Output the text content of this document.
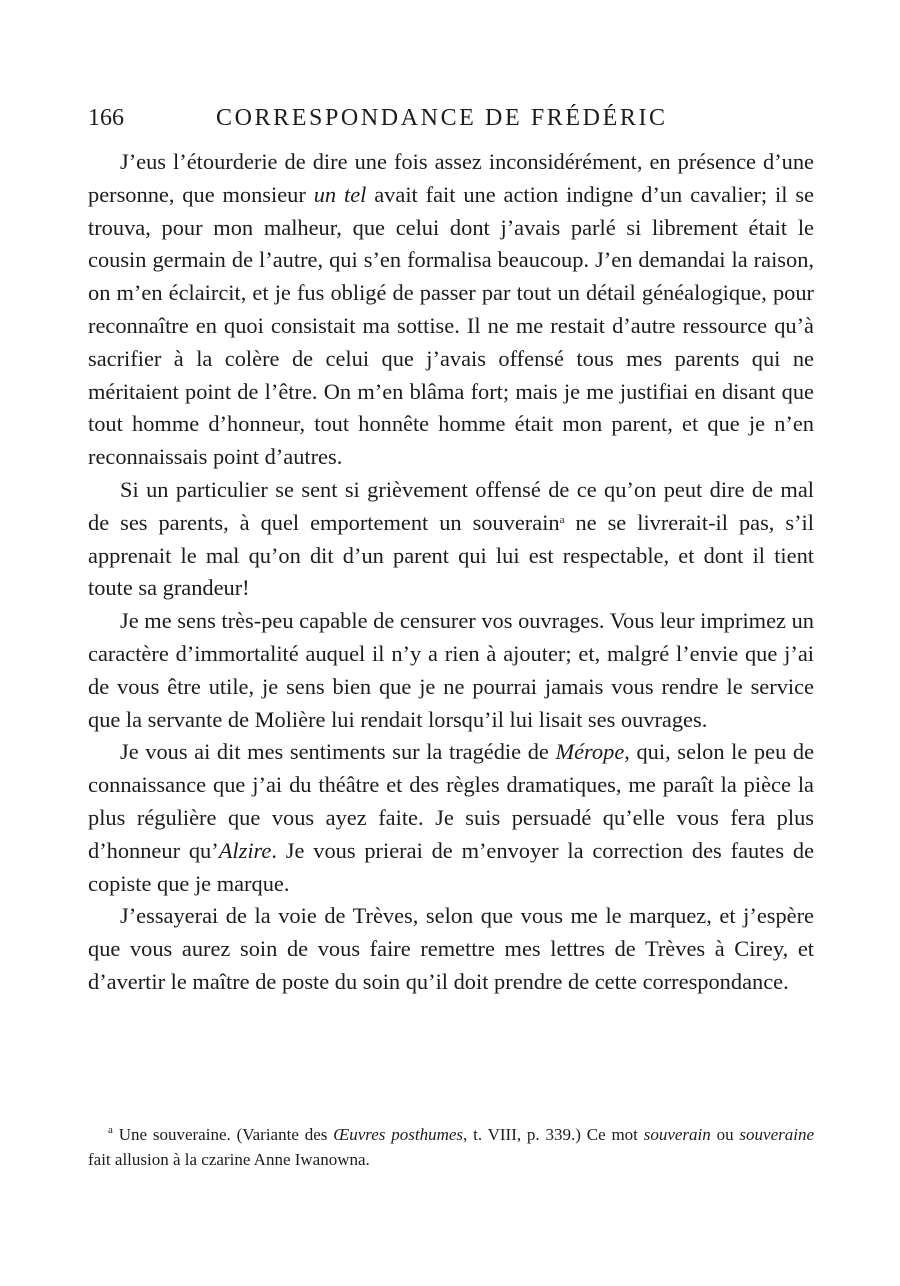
166	CORRESPONDANCE DE FRÉDÉRIC

J’eus l’étourderie de dire une fois assez inconsidérément, en présence d’une personne, que monsieur un tel avait fait une action indigne d’un cavalier; il se trouva, pour mon malheur, que celui dont j’avais parlé si librement était le cousin germain de l’autre, qui s’en formalisa beaucoup. J’en demandai la raison, on m’en éclaircit, et je fus obligé de passer par tout un détail généalogique, pour reconnaître en quoi consistait ma sottise. Il ne me restait d’autre ressource qu’à sacrifier à la colère de celui que j’avais offensé tous mes parents qui ne méritaient point de l’être. On m’en blâma fort; mais je me justifiai en disant que tout homme d’honneur, tout honnête homme était mon parent, et que je n’en reconnaissais point d’autres.

Si un particulier se sent si grièvement offensé de ce qu’on peut dire de mal de ses parents, à quel emportement un souverain$^a$ ne se livrerait-il pas, s’il apprenait le mal qu’on dit d’un parent qui lui est respectable, et dont il tient toute sa grandeur!

Je me sens très-peu capable de censurer vos ouvrages. Vous leur imprimez un caractère d’immortalité auquel il n’y a rien à ajouter; et, malgré l’envie que j’ai de vous être utile, je sens bien que je ne pourrai jamais vous rendre le service que la servante de Molière lui rendait lorsqu’il lui lisait ses ouvrages.

Je vous ai dit mes sentiments sur la tragédie de Mérope, qui, selon le peu de connaissance que j’ai du théâtre et des règles dramatiques, me paraît la pièce la plus régulière que vous ayez faite. Je suis persuadé qu’elle vous fera plus d’honneur qu’Alzire. Je vous prierai de m’envoyer la correction des fautes de copiste que je marque.

J’essayerai de la voie de Trèves, selon que vous me le marquez, et j’espère que vous aurez soin de vous faire remettre mes lettres de Trèves à Cirey, et d’avertir le maître de poste du soin qu’il doit prendre de cette correspondance.

$^a$ Une souveraine. (Variante des Œuvres posthumes, t. VIII, p. 339.) Ce mot souverain ou souveraine fait allusion à la czarine Anne Iwanowna.
